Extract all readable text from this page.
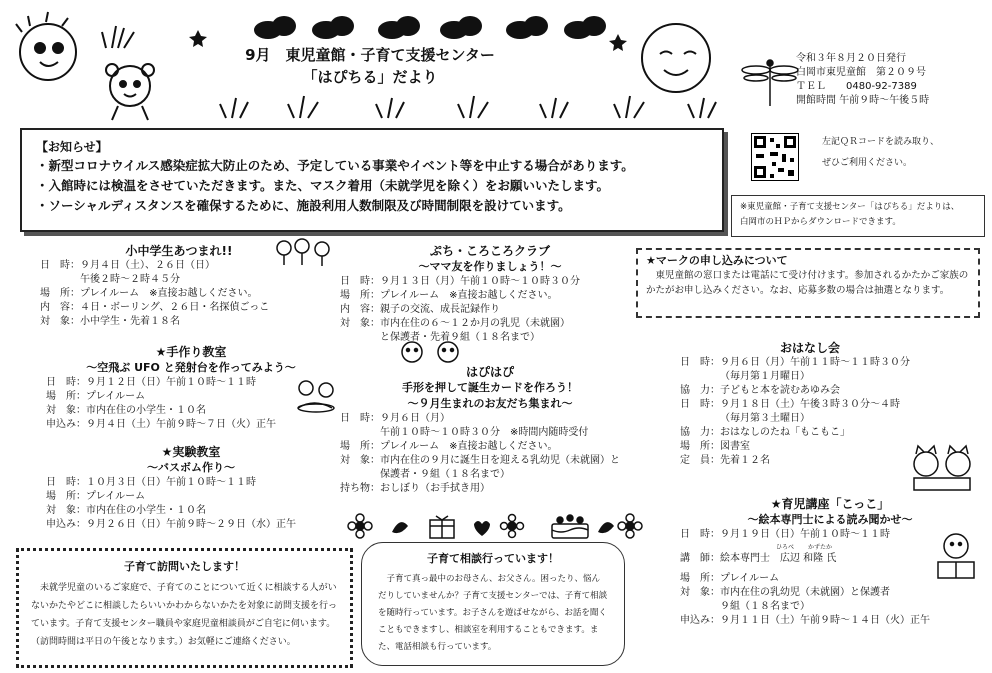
9月　東児童館・子育て支援センター
「はぴちる」だより
令和３年８月２０日発行
白岡市東児童館　第２０９号
ＴＥＬ　　0480-92-7389
開館時間 午前９時～午後５時
【お知らせ】
・新型コロナウイルス感染症拡大防止のため、予定している事業やイベント等を中止する場合があります。
・入館時には検温をさせていただきます。また、マスク着用（未就学児を除く）をお願いいたします。
・ソーシャルディスタンスを確保するために、施設利用人数制限及び時間制限を設けています。
左記ＱＲコードを読み取り、
ぜひご利用ください。
※東児童館・子育て支援センター「はぴちる」だよりは、
白岡市のＨＰからダウンロードできます。
小中学生あつまれ!!
日　時： ９月４日（土）、２６日（日）

午後２時～２時４５分
場　所： プレイルーム　※直接お越しください。
内　容： ４日・ボーリング、２６日・名探偵ごっこ
対　象： 小中学生・先着１８名
★手作り教室
～空飛ぶ UFO と発射台を作ってみよう～
日　時： ９月１２日（日）午前１０時～１１時
場　所： プレイルーム
対　象： 市内在住の小学生・１０名
申込み： ９月４日（土）午前９時～７日（火）正午
★実験教室
～バスボム作り～
日　時： １０月３日（日）午前１０時～１１時
場　所： プレイルーム
対　象： 市内在住の小学生・１０名
申込み： ９月２６日（日）午前９時～２９日（水）正午
ぷち・ころころクラブ
～ママ友を作りましょう！～
日　時： ９月１３日（月）午前１０時～１０時３０分
場　所： プレイルーム　※直接お越しください。
内　容： 親子の交流、成長記録作り
対　象： 市内在住の６～１２か月の乳児（未就園）

と保護者・先着９組（１８名まで）
はぴはぴ
手形を押して誕生カードを作ろう！
～９月生まれのお友だち集まれ～
日　時： ９月６日（月）

午前１０時～１０時３０分　※時間内随時受付
場　所： プレイルーム　※直接お越しください。
対　象： 市内在住の９月に誕生日を迎える乳幼児（未就園）と

保護者・９組（１８名まで）
持ち物： おしぼり（お手拭き用）
★マークの申し込みについて
　東児童館の窓口または電話にて受け付けます。参加されるかたかご家族のかたがお申し込みください。なお、応募多数の場合は抽選となります。
おはなし会
日　時： ９月６日（月）午前１１時～１１時３０分

（毎月第１月曜日）
協　力： 子どもと本を読むあゆみ会
日　時： ９月１８日（土）午後３時３０分～４時

（毎月第３土曜日）
協　力： おはなしのたね「もこもこ」
場　所： 図書室
定　員： 先着１２名
★育児講座「こっこ」
～絵本専門士による読み聞かせ～
日　時： ９月１９日（日）午前１０時～１１時
ひろべ かずたか
講　師： 絵本専門士　広辺 和隆 氏
場　所： プレイルーム
対　象： 市内在住の乳幼児（未就園）と保護者

９組（１８名まで）
申込み： ９月１１日（土）午前９時～１４日（火）正午
子育て訪問いたします！
未就学児童のいるご家庭で、子育てのことについて近くに相談する人がいないかたやどこに相談したらいいかわからないかたを対象に訪問支援を行っています。子育て支援センター職員や家庭児童相談員がご自宅に伺います。（訪問時間は平日の午後となります。）お気軽にご連絡ください。
子育て相談行っています！
子育て真っ最中のお母さん、お父さん。困ったり、悩んだりしていませんか？子育て支援センターでは、子育て相談を随時行っています。お子さんを遊ばせながら、お話を聞くこともできますし、相談室を利用することもできます。また、電話相談も行っています。
